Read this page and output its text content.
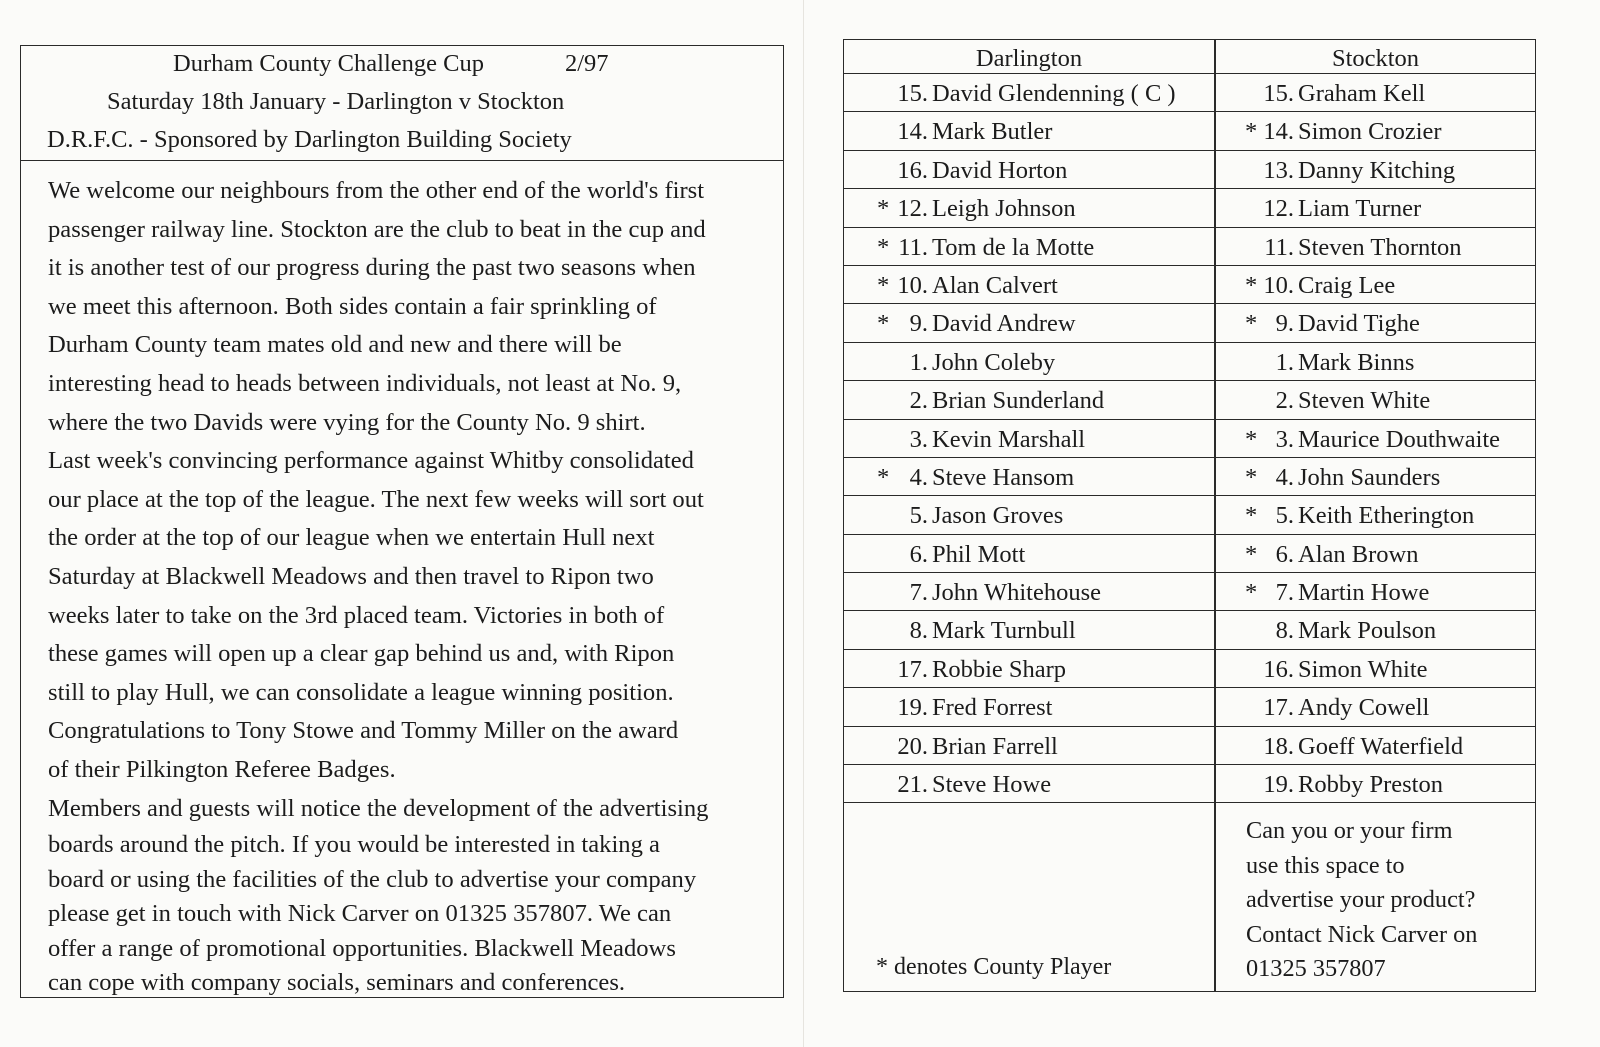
Durham County Challenge Cup	2/97
Saturday 18th January - Darlington v Stockton
D.R.F.C. - Sponsored by Darlington Building Society
We welcome our neighbours from the other end of the world's first
passenger railway line. Stockton are the club to beat in the cup and
it is another test of our progress during the past two seasons when
we meet this afternoon. Both sides contain a fair sprinkling of
Durham County team mates old and new and there will be
interesting head to heads between individuals, not least at No. 9,
where the two Davids were vying for the County No. 9 shirt.
Last week's convincing performance against Whitby consolidated
our place at the top of the league. The next few weeks will sort out
the order at the top of our league when we entertain Hull next
Saturday at Blackwell Meadows and then travel to Ripon two
weeks later to take on the 3rd placed team. Victories in both of
these games will open up a clear gap behind us and, with Ripon
still to play Hull, we can consolidate a league winning position.
Congratulations to Tony Stowe and Tommy Miller on the award
of their Pilkington Referee Badges.
Members and guests will notice the development of the advertising
boards around the pitch. If you would be interested in taking a
board or using the facilities of the club to advertise your company
please get in touch with Nick Carver on 01325 357807. We can
offer a range of promotional opportunities. Blackwell Meadows
can cope with company socials, seminars and conferences.
Darlington
15. David Glendenning ( C )
14. Mark Butler
16. David Horton
* 12. Leigh Johnson
* 11. Tom de la Motte
* 10. Alan Calvert
* 9. David Andrew
1. John Coleby
2. Brian Sunderland
3. Kevin Marshall
* 4. Steve Hansom
5. Jason Groves
6. Phil Mott
7. John Whitehouse
8. Mark Turnbull
17. Robbie Sharp
19. Fred Forrest
20. Brian Farrell
21. Steve Howe
Stockton
15. Graham Kell
* 14. Simon Crozier
13. Danny Kitching
12. Liam Turner
11. Steven Thornton
* 10. Craig Lee
* 9. David Tighe
1. Mark Binns
2. Steven White
* 3. Maurice Douthwaite
* 4. John Saunders
* 5. Keith Etherington
* 6. Alan Brown
* 7. Martin Howe
8. Mark Poulson
16. Simon White
17. Andy Cowell
18. Goeff Waterfield
19. Robby Preston
* denotes County Player
Can you or your firm
use this space to
advertise your product?
Contact Nick Carver on
01325 357807
